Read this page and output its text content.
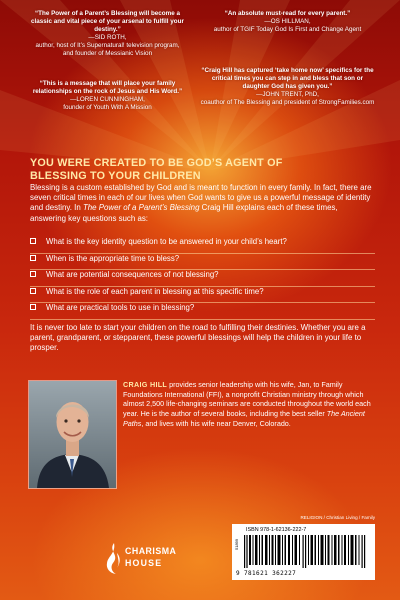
“The Power of a Parent’s Blessing will become a classic and vital piece of your arsenal to fulfill your destiny.”
—SID ROTH,
author, host of It’s Supernatural! television program, and founder of Messianic Vision
“An absolute must-read for every parent.”
—OS HILLMAN,
author of TGIF Today God Is First and Change Agent
“This is a message that will place your family relationships on the rock of Jesus and His Word.”
—LOREN CUNNINGHAM,
founder of Youth With A Mission
“Craig Hill has captured ‘take home now’ specifics for the critical times you can step in and bless that son or daughter God has given you.”
—JOHN TRENT, PhD,
coauthor of The Blessing and president of StrongFamilies.com
YOU WERE CREATED TO BE GOD’S AGENT OF
BLESSING TO YOUR CHILDREN
Blessing is a custom established by God and is meant to function in every family. In fact, there are seven critical times in each of our lives when God wants to give us a powerful message of identity and destiny. In The Power of a Parent’s Blessing Craig Hill explains each of these times, answering key questions such as:
What is the key identity question to be answered in your child’s heart?
When is the appropriate time to bless?
What are potential consequences of not blessing?
What is the role of each parent in blessing at this specific time?
What are practical tools to use in blessing?
It is never too late to start your children on the road to fulfilling their destinies. Whether you are a parent, grandparent, or stepparent, these powerful blessings will help the children in your life to prosper.
CRAIG HILL provides senior leadership with his wife, Jan, to Family Foundations International (FFI), a nonprofit Christian ministry through which almost 2,500 life-changing seminars are conducted throughout the world each year. He is the author of several books, including the best seller The Ancient Paths, and lives with his wife near Denver, Colorado.
CHARISMA
HOUSE
RELIGION / Christian Living / Family
ISBN 978-1-62136-222-7
51899
9 781621 362227
